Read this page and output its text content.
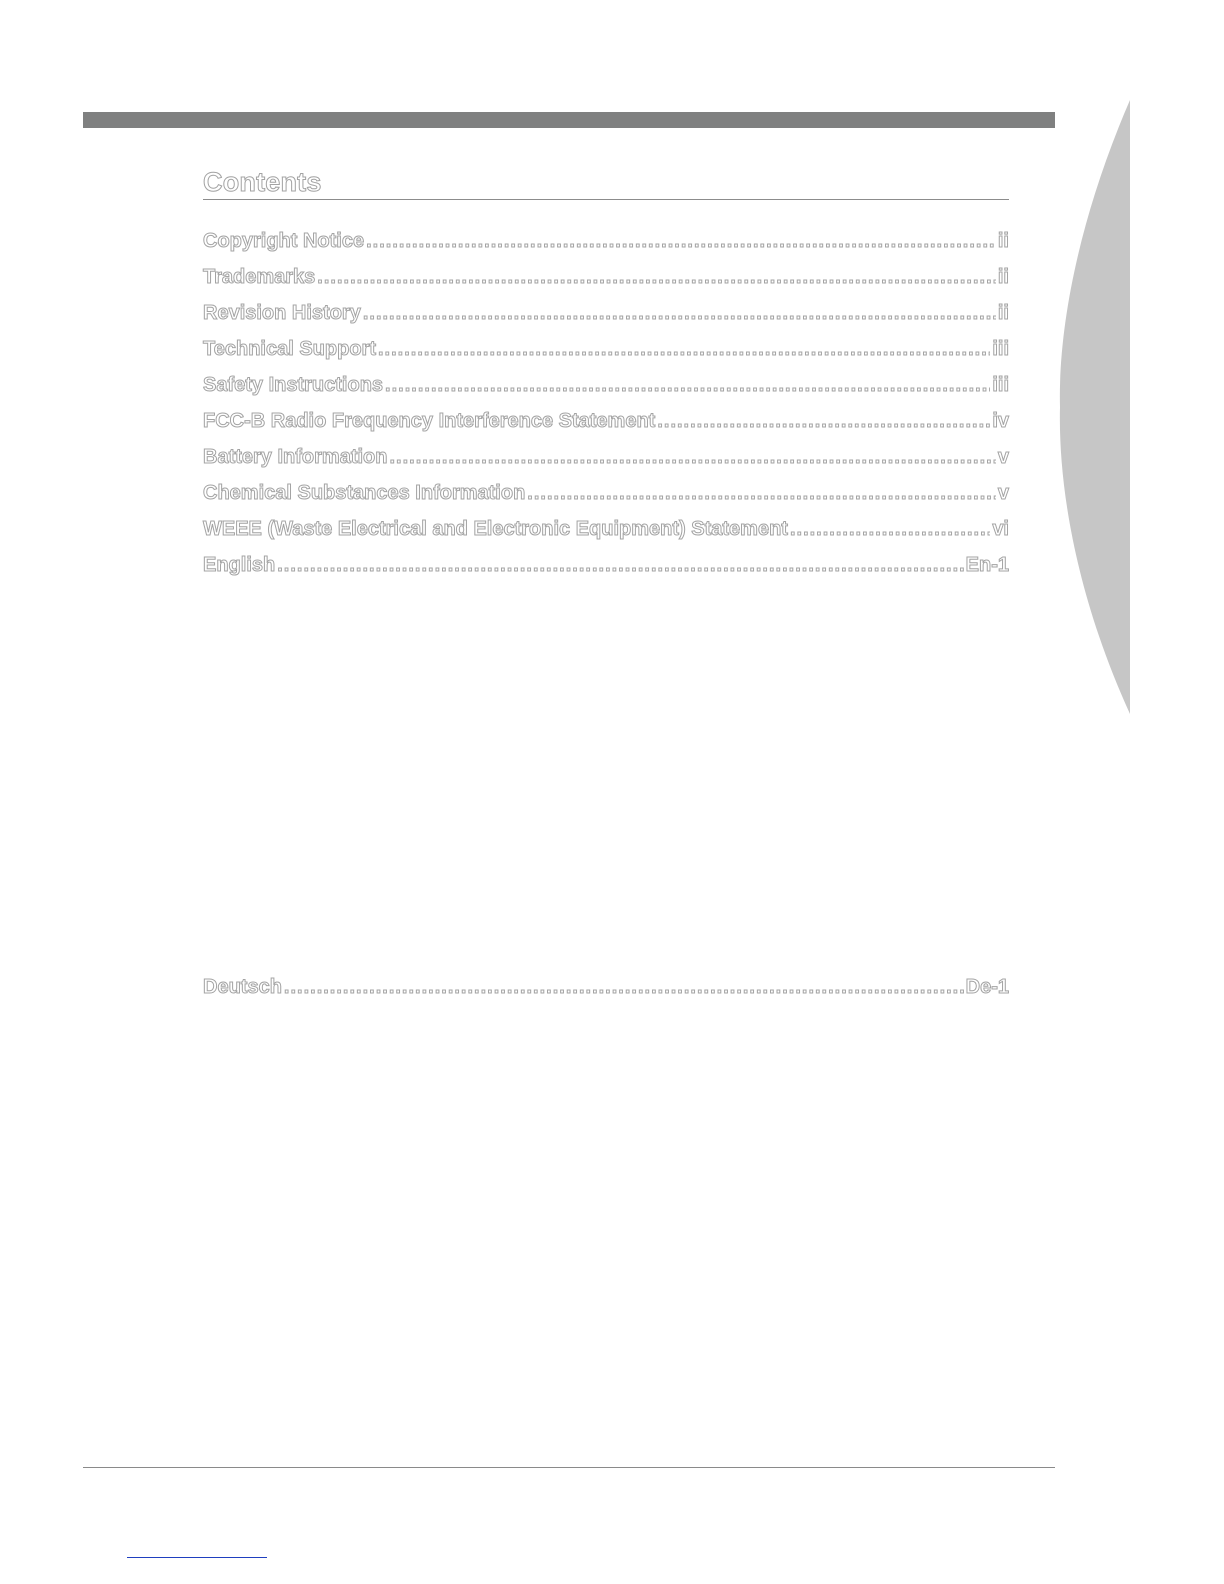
Contents
Copyright Notice .....	ii
Trademarks .....	ii
Revision History .....	ii
Technical Support .....	iii
Safety Instructions .....	iii
FCC-B Radio Frequency Interference Statement .....	iv
Battery Information .....	v
Chemical Substances Information .....	v
WEEE (Waste Electrical and Electronic Equipment) Statement .....	vi
English .....	En-1
Deutsch .....	De-1
